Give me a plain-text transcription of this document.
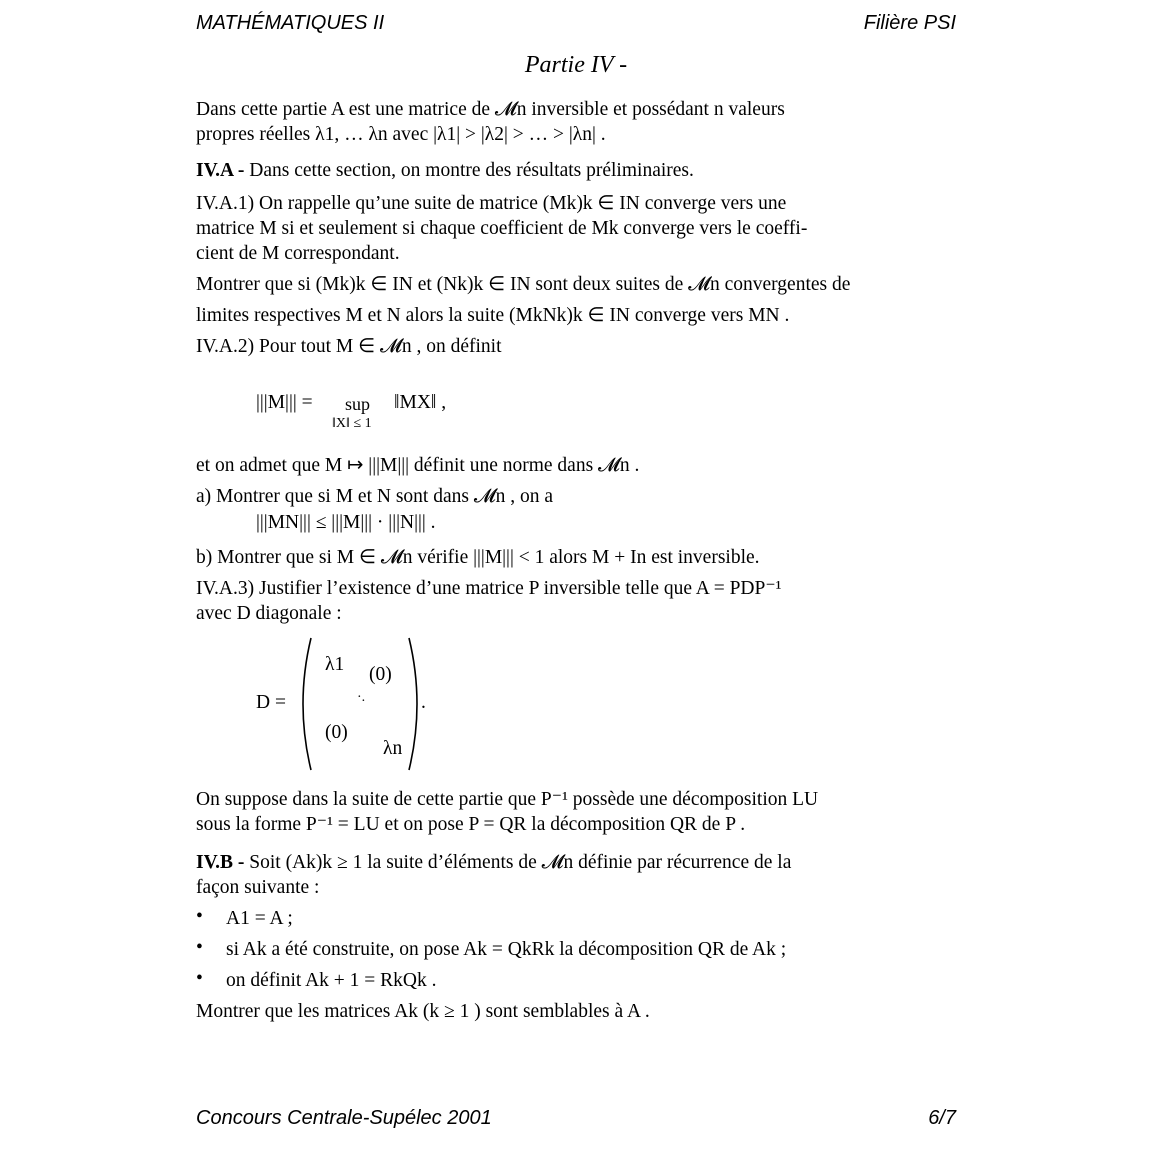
MATHÉMATIQUES II	Filière PSI
Partie IV -
Dans cette partie A est une matrice de 𝓜n inversible et possédant n valeurs
propres réelles λ1, … λn avec |λ1| > |λ2| > … > |λn| .
IV.A - Dans cette section, on montre des résultats préliminaires.
IV.A.1) On rappelle qu’une suite de matrice (Mk)k ∈ IN converge vers une
matrice M si et seulement si chaque coefficient de Mk converge vers le coeffi-
cient de M correspondant.
Montrer que si (Mk)k ∈ IN et (Nk)k ∈ IN sont deux suites de 𝓜n convergentes de
limites respectives M et N alors la suite (MkNk)k ∈ IN converge vers MN .
IV.A.2) Pour tout M ∈ 𝓜n , on définit
|||M||| = sup
‖X‖ ≤ 1
‖MX‖ ,
et on admet que M ↦ |||M||| définit une norme dans 𝓜n .
a) Montrer que si M et N sont dans 𝓜n , on a
|||MN||| ≤ |||M||| · |||N||| .
b) Montrer que si M ∈ 𝓜n vérifie |||M||| < 1 alors M + In est inversible.
IV.A.3) Justifier l’existence d’une matrice P inversible telle que A = PDP⁻¹
avec D diagonale :
D =
λ1 (0)
·.
(0)
λn
.
On suppose dans la suite de cette partie que P⁻¹ possède une décomposition LU
sous la forme P⁻¹ = LU et on pose P = QR la décomposition QR de P .
IV.B - Soit (Ak)k ≥ 1 la suite d’éléments de 𝓜n définie par récurrence de la
façon suivante :
• A1 = A ;
• si Ak a été construite, on pose Ak = QkRk la décomposition QR de Ak ;
• on définit Ak + 1 = RkQk .
Montrer que les matrices Ak (k ≥ 1 ) sont semblables à A .
Concours Centrale-Supélec 2001	6/7
